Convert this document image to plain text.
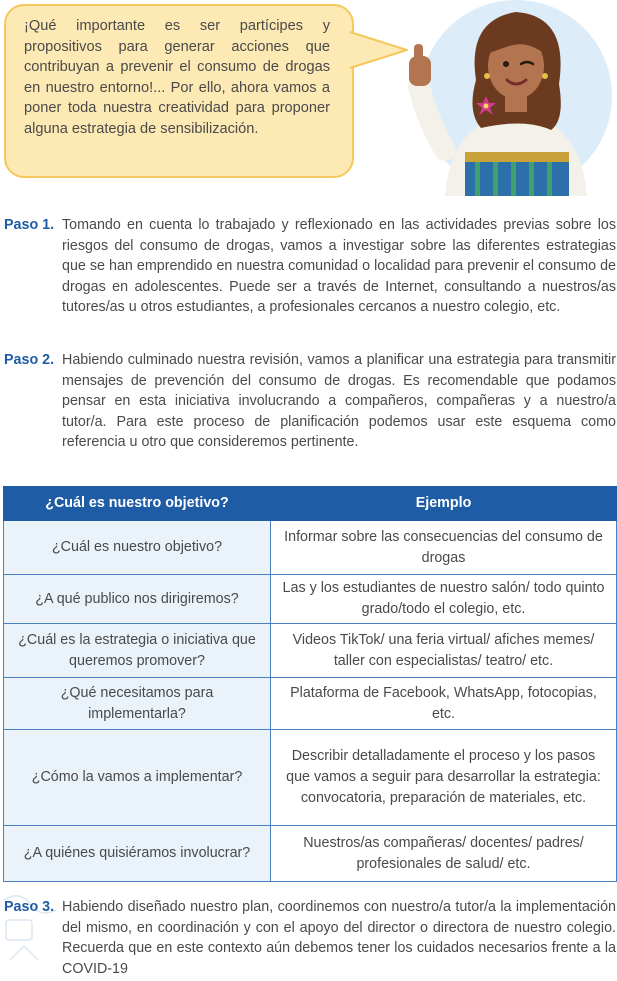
¡Qué importante es ser partícipes y propositivos para generar acciones que contribuyan a prevenir el consumo de drogas en nuestro entorno!... Por ello, ahora vamos a poner toda nuestra creatividad para proponer alguna estrategia de sensibilización.

Paso 1. Tomando en cuenta lo trabajado y reflexionado en las actividades previas sobre los riesgos del consumo de drogas, vamos a investigar sobre las diferentes estrategias que se han emprendido en nuestra comunidad o localidad para prevenir el consumo de drogas en adolescentes. Puede ser a través de Internet, consultando a nuestros/as tutores/as u otros estudiantes, a profesionales cercanos a nuestro colegio, etc.

Paso 2. Habiendo culminado nuestra revisión, vamos a planificar una estrategia para transmitir mensajes de prevención del consumo de drogas. Es recomendable que podamos pensar en esta iniciativa involucrando a compañeros, compañeras y a nuestro/a tutor/a. Para este proceso de planificación podemos usar este esquema como referencia u otro que consideremos pertinente.

¿Cuál es nuestro objetivo?	Ejemplo
¿Cuál es nuestro objetivo?	Informar sobre las consecuencias del consumo de drogas
¿A qué publico nos dirigiremos?	Las y los estudiantes de nuestro salón/ todo quinto grado/todo el colegio, etc.
¿Cuál es la estrategia o iniciativa que queremos promover?	Videos TikTok/ una feria virtual/ afiches memes/ taller con especialistas/ teatro/ etc.
¿Qué necesitamos para implementarla?	Plataforma de Facebook, WhatsApp, fotocopias, etc.
¿Cómo la vamos a implementar?	Describir detalladamente el proceso y los pasos que vamos a seguir para desarrollar la estrategia: convocatoria, preparación de materiales, etc.
¿A quiénes quisiéramos involucrar?	Nuestros/as compañeras/ docentes/ padres/ profesionales de salud/ etc.

Paso 3. Habiendo diseñado nuestro plan, coordinemos con nuestro/a tutor/a la implementación del mismo, en coordinación y con el apoyo del director o directora de nuestro colegio. Recuerda que en este contexto aún debemos tener los cuidados necesarios frente a la COVID-19
